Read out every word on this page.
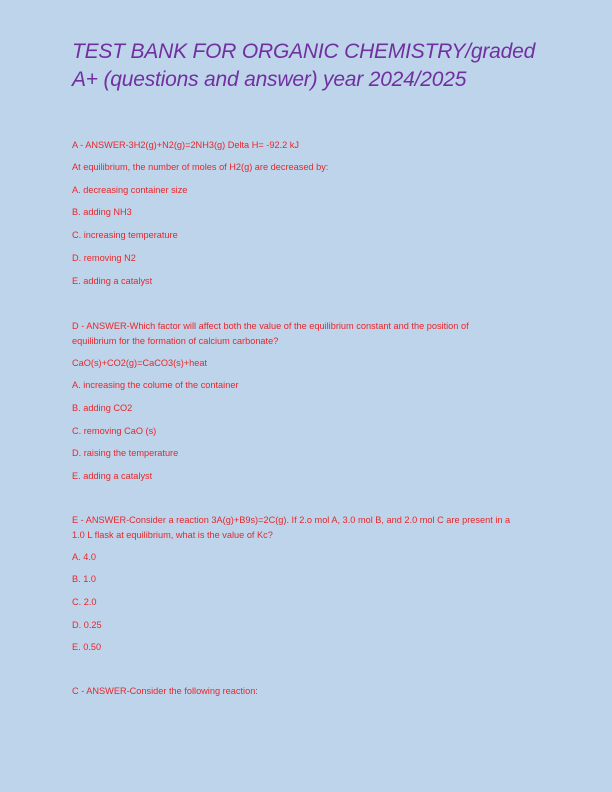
TEST BANK FOR ORGANIC CHEMISTRY/graded
A+ (questions and answer) year 2024/2025
A - ANSWER-3H2(g)+N2(g)=2NH3(g) Delta H= -92.2 kJ
At equilibrium, the number of moles of H2(g) are decreased by:
A. decreasing container size
B. adding NH3
C. increasing temperature
D. removing N2
E. adding a catalyst
D - ANSWER-Which factor will affect both the value of the equilibrium constant and the position of
equilibrium for the formation of calcium carbonate?
CaO(s)+CO2(g)=CaCO3(s)+heat
A. increasing the colume of the container
B. adding CO2
C. removing CaO (s)
D. raising the temperature
E. adding a catalyst
E - ANSWER-Consider a reaction 3A(g)+B9s)=2C(g). If 2.o mol A, 3.0 mol B, and 2.0 mol C are present in a
1.0 L flask at equilibrium, what is the value of Kc?
A. 4.0
B. 1.0
C. 2.0
D. 0.25
E. 0.50
C - ANSWER-Consider the following reaction:
